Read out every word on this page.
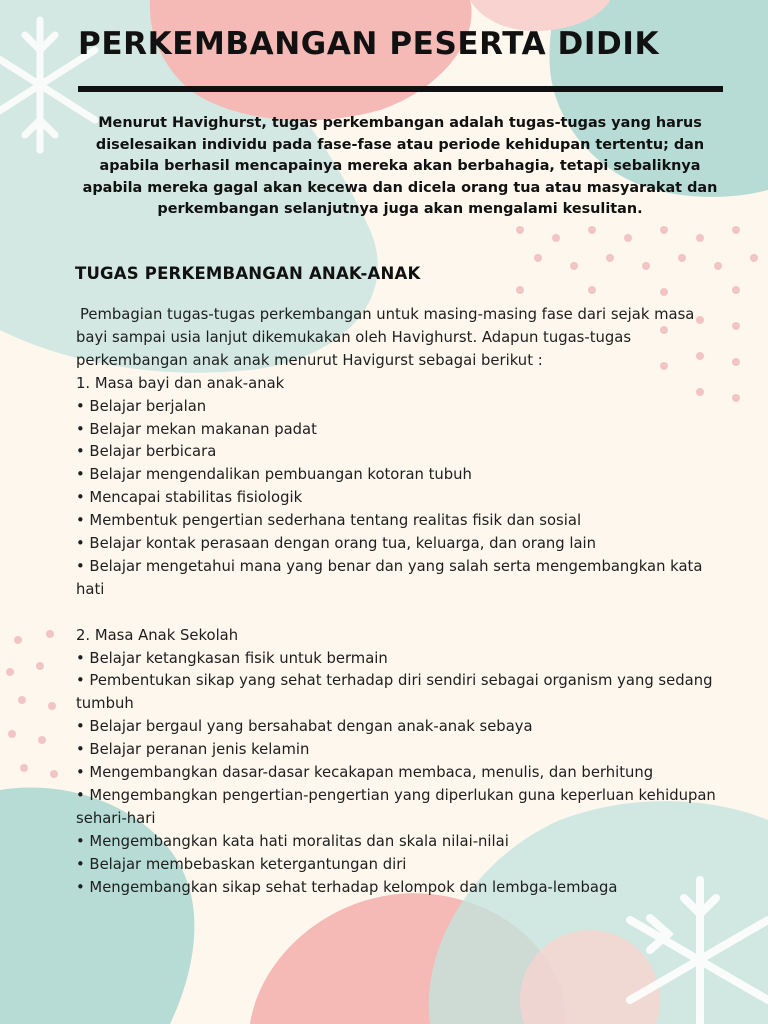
PERKEMBANGAN PESERTA DIDIK
Menurut Havighurst, tugas perkembangan adalah tugas-tugas yang harus diselesaikan individu pada fase-fase atau periode kehidupan tertentu; dan apabila berhasil mencapainya mereka akan berbahagia, tetapi sebaliknya apabila mereka gagal akan kecewa dan dicela orang tua atau masyarakat dan perkembangan selanjutnya juga akan mengalami kesulitan.
TUGAS PERKEMBANGAN ANAK-ANAK

Pembagian tugas-tugas perkembangan untuk masing-masing fase dari sejak masa bayi sampai usia lanjut dikemukakan oleh Havighurst. Adapun tugas-tugas perkembangan anak anak menurut Havigurst sebagai berikut :

1. Masa bayi dan anak-anak

• Belajar berjalan

• Belajar mekan makanan padat

• Belajar berbicara

• Belajar mengendalikan pembuangan kotoran tubuh

• Mencapai stabilitas fisiologik

• Membentuk pengertian sederhana tentang realitas fisik dan sosial

• Belajar kontak perasaan dengan orang tua, keluarga, dan orang lain

• Belajar mengetahui mana yang benar dan yang salah serta mengembangkan kata hati

2. Masa Anak Sekolah

• Belajar ketangkasan fisik untuk bermain

• Pembentukan sikap yang sehat terhadap diri sendiri sebagai organism yang sedang tumbuh

• Belajar bergaul yang bersahabat dengan anak-anak sebaya

• Belajar peranan jenis kelamin

• Mengembangkan dasar-dasar kecakapan membaca, menulis, dan berhitung

• Mengembangkan pengertian-pengertian yang diperlukan guna keperluan kehidupan sehari-hari

• Mengembangkan kata hati moralitas dan skala nilai-nilai

• Belajar membebaskan ketergantungan diri

• Mengembangkan sikap sehat terhadap kelompok dan lembga-lembaga
